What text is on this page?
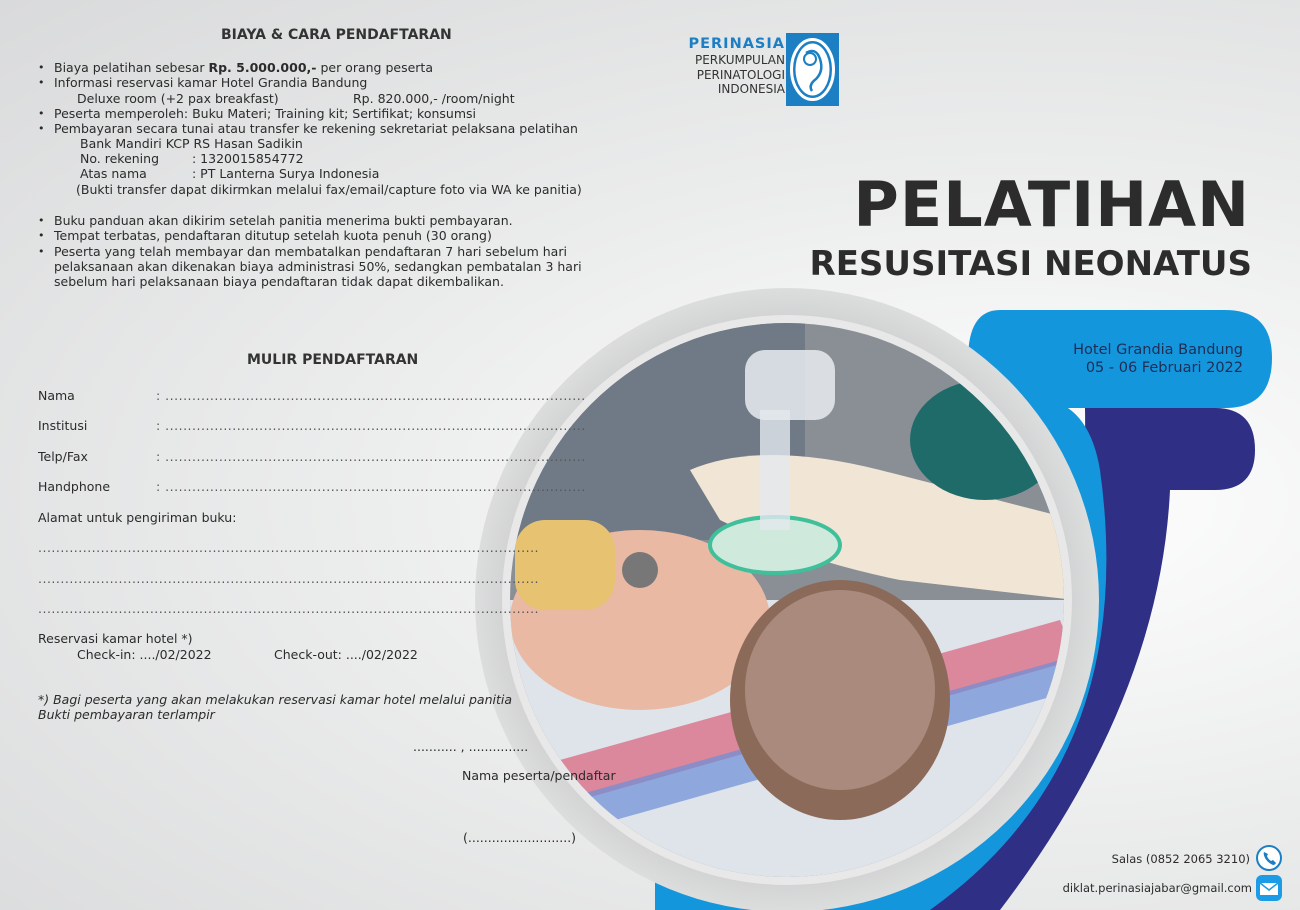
BIAYA & CARA PENDAFTARAN
• Biaya pelatihan sebesar Rp. 5.000.000,- per orang peserta
• Informasi reservasi kamar Hotel Grandia Bandung
Deluxe room (+2 pax breakfast)	Rp. 820.000,- /room/night
• Peserta memperoleh: Buku Materi; Training kit; Sertifikat; konsumsi
• Pembayaran secara tunai atau transfer ke rekening sekretariat pelaksana pelatihan
Bank Mandiri KCP RS Hasan Sadikin
No. rekening	: 1320015854772
Atas nama	: PT Lanterna Surya Indonesia
(Bukti transfer dapat dikirmkan melalui fax/email/capture foto via WA ke panitia)
• Buku panduan akan dikirim setelah panitia menerima bukti pembayaran.
• Tempat terbatas, pendaftaran ditutup setelah kuota penuh (30 orang)
• Peserta yang telah membayar dan membatalkan pendaftaran 7 hari sebelum hari pelaksanaan akan dikenakan biaya administrasi 50%, sedangkan pembatalan 3 hari sebelum hari pelaksanaan biaya pendaftaran tidak dapat dikembalikan.
MULIR PENDAFTARAN
Nama	: ..............................................................................................
Institusi	: ..............................................................................................
Telp/Fax	: ..............................................................................................
Handphone	: ..............................................................................................
Alamat untuk pengiriman buku:
................................................................................................................
................................................................................................................
................................................................................................................
Reservasi kamar hotel *)
Check-in: ..../02/2022	Check-out: ..../02/2022
*) Bagi peserta yang akan melakukan reservasi kamar hotel melalui panitia
Bukti pembayaran terlampir
........... , ...............
Nama peserta/pendaftar
(..........................)
PERINASIA
PERKUMPULAN
PERINATOLOGI
INDONESIA
PELATIHAN
RESUSITASI NEONATUS
Hotel Grandia Bandung
05 - 06 Februari 2022
Salas (0852 2065 3210)
diklat.perinasiajabar@gmail.com
